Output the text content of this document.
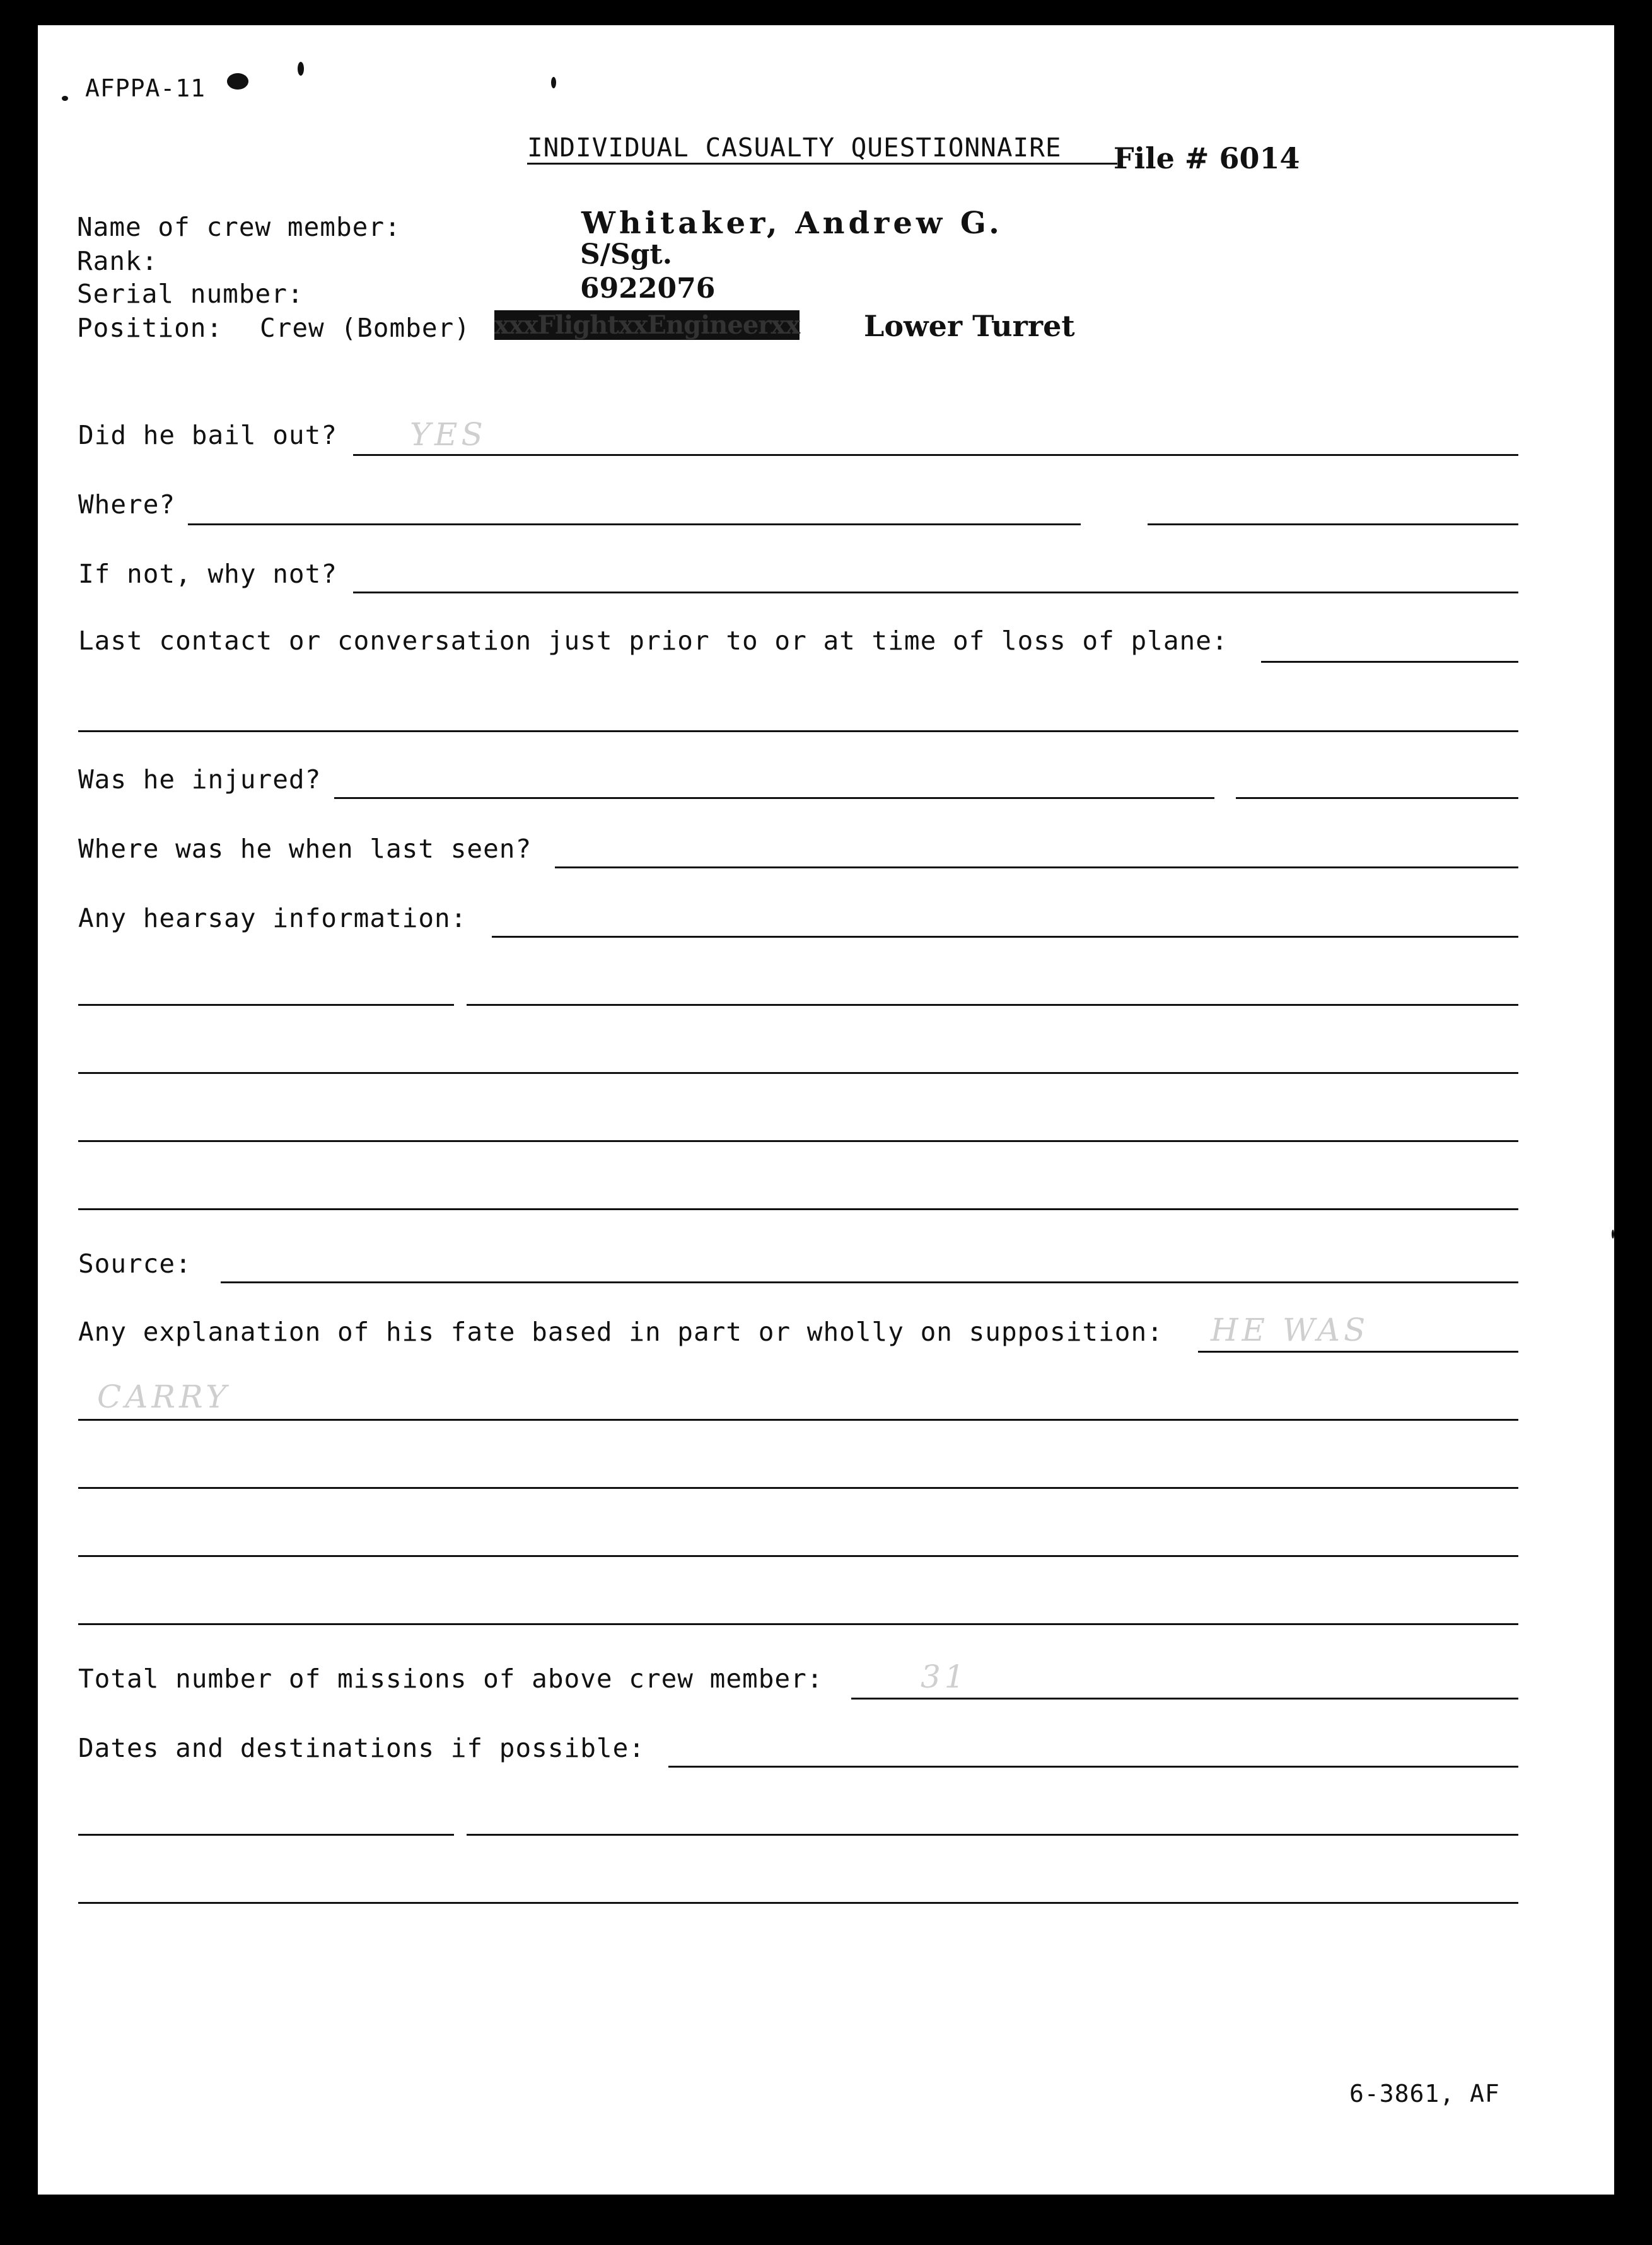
AFPPA-11
INDIVIDUAL CASUALTY QUESTIONNAIRE File # 6014
Name of crew member:	Whitaker, Andrew G.
Rank:	S/Sgt.
Serial number:	6922076
Position: Crew (Bomber) xxxFlightxxEngineerxx Lower Turret
Did he bail out? YES
Where?
If not, why not?
Last contact or conversation just prior to or at time of loss of plane:
Was he injured?
Where was he when last seen?
Any hearsay information:
Source:
Any explanation of his fate based in part or wholly on supposition: HE WAS
CARRY
Total number of missions of above crew member:	31
Dates and destinations if possible:
6-3861, AF
